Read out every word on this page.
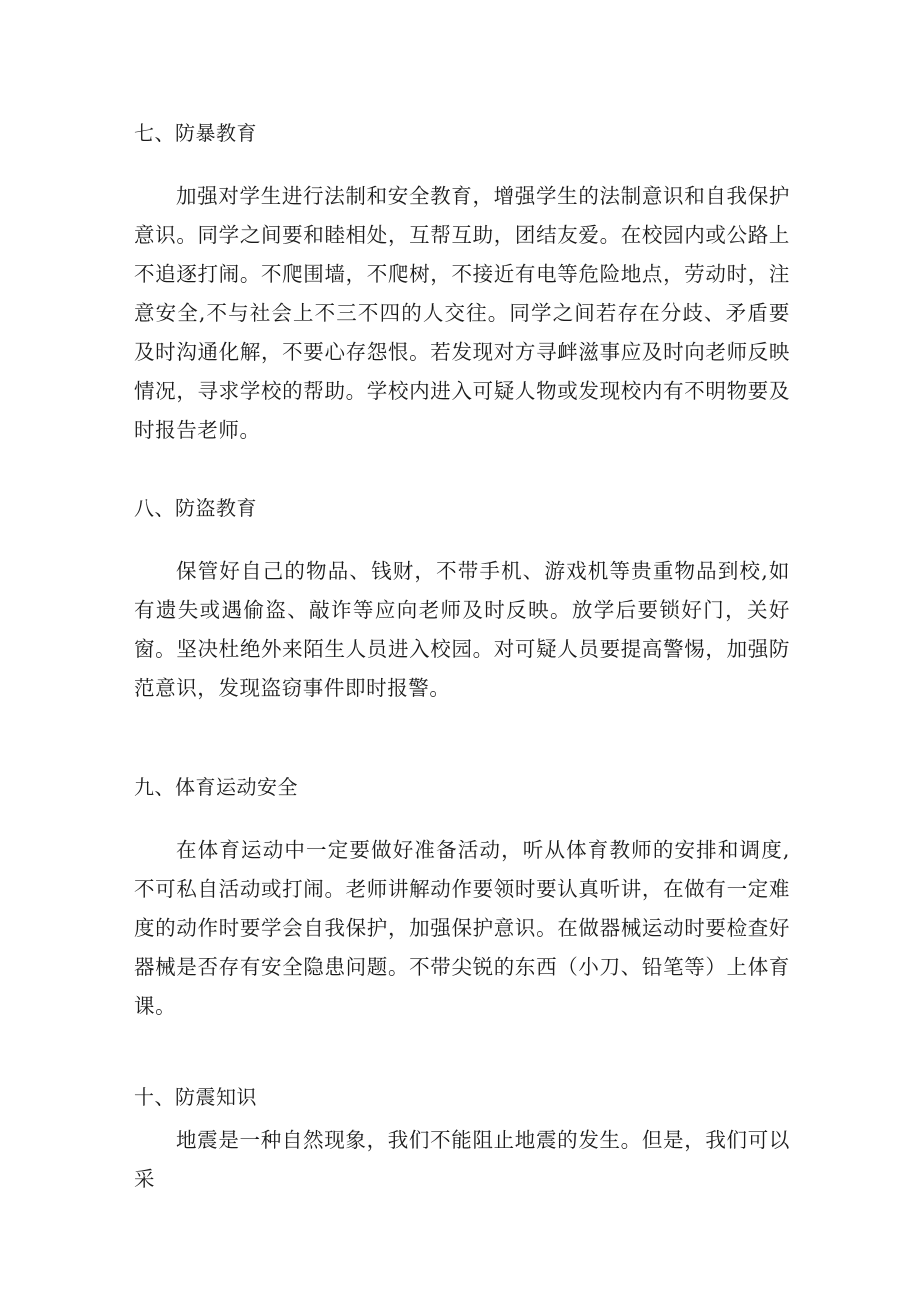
七、防暴教育

加强对学生进行法制和安全教育，增强学生的法制意识和自我保护意识。同学之间要和睦相处，互帮互助，团结友爱。在校园内或公路上不追逐打闹。不爬围墙，不爬树，不接近有电等危险地点，劳动时，注意安全,不与社会上不三不四的人交往。同学之间若存在分歧、矛盾要及时沟通化解，不要心存怨恨。若发现对方寻衅滋事应及时向老师反映情况，寻求学校的帮助。学校内进入可疑人物或发现校内有不明物要及时报告老师。

八、防盗教育

保管好自己的物品、钱财，不带手机、游戏机等贵重物品到校,如有遗失或遇偷盗、敲诈等应向老师及时反映。放学后要锁好门，关好窗。坚决杜绝外来陌生人员进入校园。对可疑人员要提高警惕，加强防范意识，发现盗窃事件即时报警。

九、体育运动安全

在体育运动中一定要做好准备活动，听从体育教师的安排和调度,不可私自活动或打闹。老师讲解动作要领时要认真听讲，在做有一定难度的动作时要学会自我保护，加强保护意识。在做器械运动时要检查好器械是否存有安全隐患问题。不带尖锐的东西（小刀、铅笔等）上体育课。

十、防震知识

地震是一种自然现象，我们不能阻止地震的发生。但是，我们可以采
